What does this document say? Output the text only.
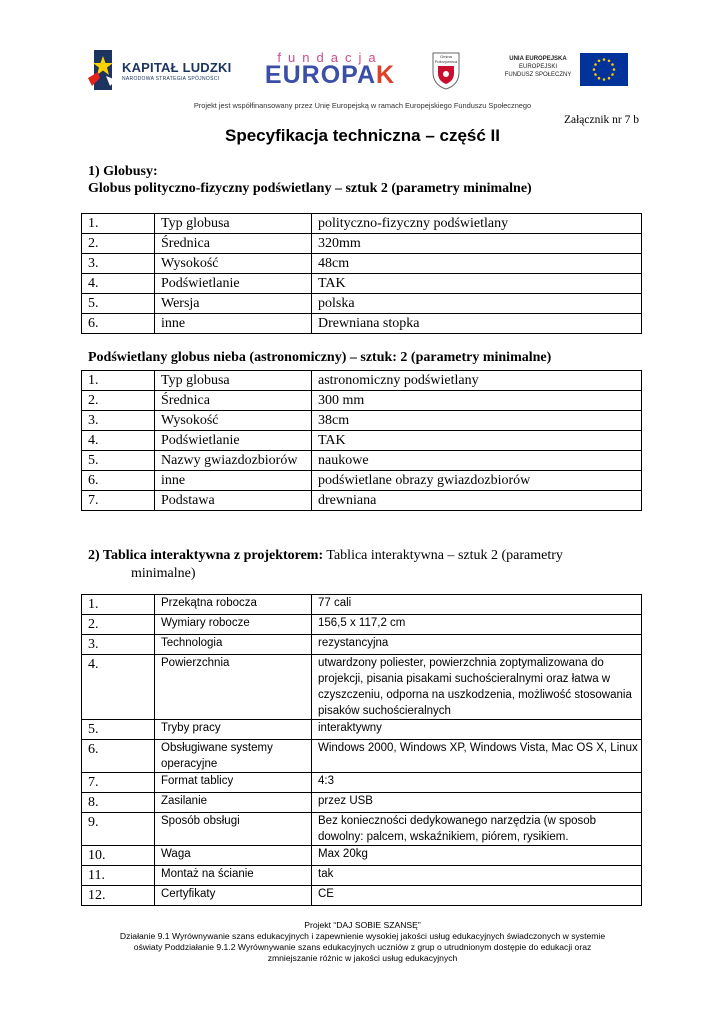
KAPITAŁ LUDZKI
NARODOWA STRATEGIA SPÓJNOŚCI
fundacja
EUROPAK
Gmina Pokrzywnica	UNIA EUROPEJSKA
EUROPEJSKI
FUNDUSZ SPOŁECZNY
Projekt jest współfinansowany przez Unię Europejską w ramach Europejskiego Funduszu Społecznego
Załącznik nr 7 b
Specyfikacja techniczna – część II
1) Globusy:
Globus polityczno-fizyczny podświetlany – sztuk 2 (parametry minimalne)
1.	Typ globusa	polityczno-fizyczny podświetlany
2.	Średnica	320mm
3.	Wysokość	48cm
4.	Podświetlanie	TAK
5.	Wersja	polska
6.	inne	Drewniana stopka
Podświetlany globus nieba (astronomiczny) – sztuk: 2 (parametry minimalne)
1.	Typ globusa	astronomiczny podświetlany
2.	Średnica	300 mm
3.	Wysokość	38cm
4.	Podświetlanie	TAK
5.	Nazwy gwiazdozbiorów	naukowe
6.	inne	podświetlane obrazy gwiazdozbiorów
7.	Podstawa	drewniana
2) Tablica interaktywna z projektorem: Tablica interaktywna – sztuk 2 (parametry
minimalne)
1.	Przekątna robocza	77 cali
2.	Wymiary robocze	156,5 x 117,2 cm
3.	Technologia	rezystancyjna
4.	Powierzchnia	utwardzony poliester, powierzchnia zoptymalizowana do projekcji, pisania pisakami suchościeralnymi oraz łatwa w czyszczeniu, odporna na uszkodzenia, możliwość stosowania pisaków suchościeralnych
5.	Tryby pracy	interaktywny
6.	Obsługiwane systemy operacyjne	Windows 2000, Windows XP, Windows Vista, Mac OS X, Linux
7.	Format tablicy	4:3
8.	Zasilanie	przez USB
9.	Sposób obsługi	Bez konieczności dedykowanego narzędzia (w sposob dowolny: palcem, wskaźnikiem, piórem, rysikiem.
10.	Waga	Max 20kg
11.	Montaż na ścianie	tak
12.	Certyfikaty	CE
Projekt “DAJ SOBIE SZANSĘ”
Działanie 9.1 Wyrównywanie szans edukacyjnych i zapewnienie wysokiej jakości usług edukacyjnych świadczonych w systemie
oświaty Poddziałanie 9.1.2 Wyrównywanie szans edukacyjnych uczniów z grup o utrudnionym dostępie do edukacji oraz
zmniejszanie różnic w jakości usług edukacyjnych
